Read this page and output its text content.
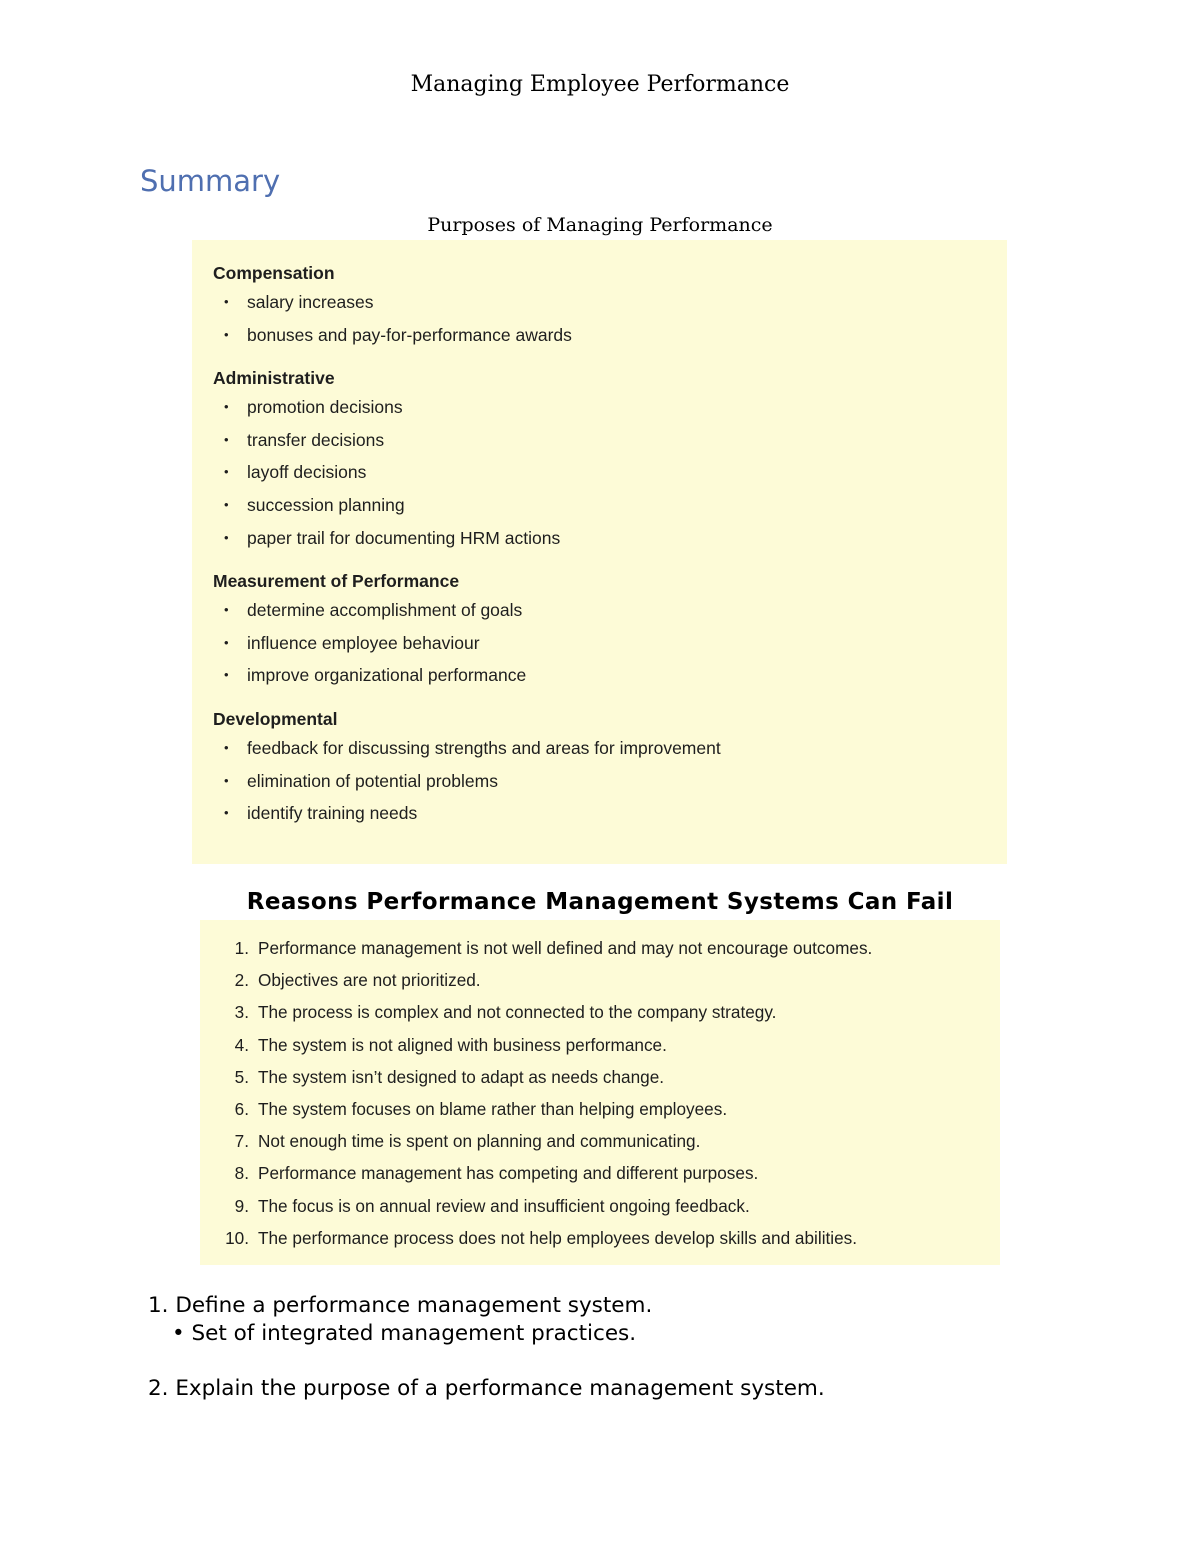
Managing Employee Performance
Summary
Purposes of Managing Performance
Compensation
• salary increases
• bonuses and pay-for-performance awards
Administrative
• promotion decisions
• transfer decisions
• layoff decisions
• succession planning
• paper trail for documenting HRM actions
Measurement of Performance
• determine accomplishment of goals
• influence employee behaviour
• improve organizational performance
Developmental
• feedback for discussing strengths and areas for improvement
• elimination of potential problems
• identify training needs
Reasons Performance Management Systems Can Fail
1. Performance management is not well defined and may not encourage outcomes.
2. Objectives are not prioritized.
3. The process is complex and not connected to the company strategy.
4. The system is not aligned with business performance.
5. The system isn’t designed to adapt as needs change.
6. The system focuses on blame rather than helping employees.
7. Not enough time is spent on planning and communicating.
8. Performance management has competing and different purposes.
9. The focus is on annual review and insufficient ongoing feedback.
10. The performance process does not help employees develop skills and abilities.
1. Define a performance management system.
• Set of integrated management practices.
2. Explain the purpose of a performance management system.
